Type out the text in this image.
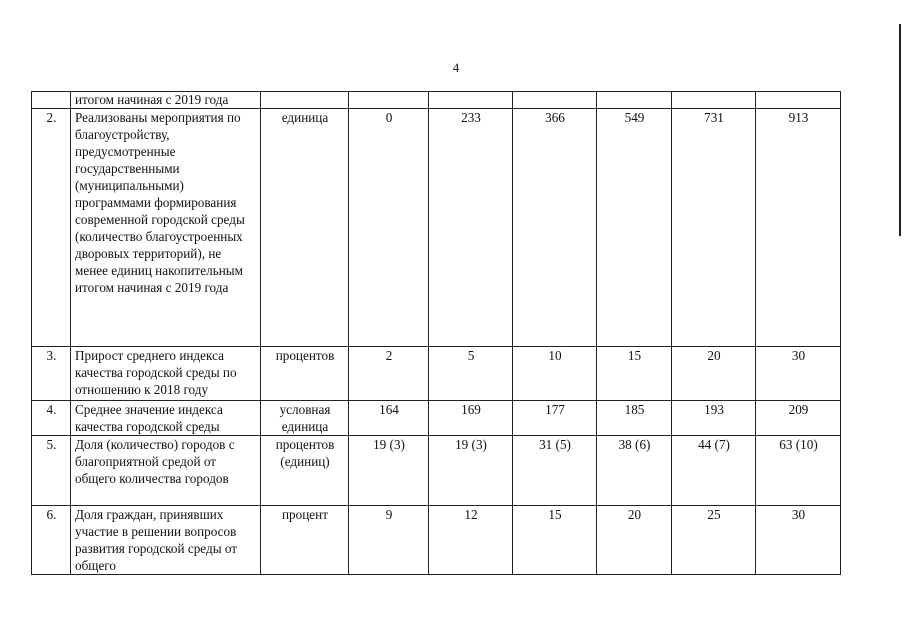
4
	итогом начиная с 2019 года							
2.	Реализованы мероприятия по благоустройству, предусмотренные государственными (муниципальными) программами формирования современной городской среды (количество благоустроенных дворовых территорий), не менее единиц накопительным итогом начиная с 2019 года	единица	0	233	366	549	731	913
3.	Прирост среднего индекса качества городской среды по отношению к 2018 году	процентов	2	5	10	15	20	30
4.	Среднее значение индекса качества городской среды	условная единица	164	169	177	185	193	209
5.	Доля (количество) городов с благоприятной средой от общего количества городов	процентов (единиц)	19 (3)	19 (3)	31 (5)	38 (6)	44 (7)	63 (10)
6.	Доля граждан, принявших участие в решении вопросов развития городской среды от общего	процент	9	12	15	20	25	30
